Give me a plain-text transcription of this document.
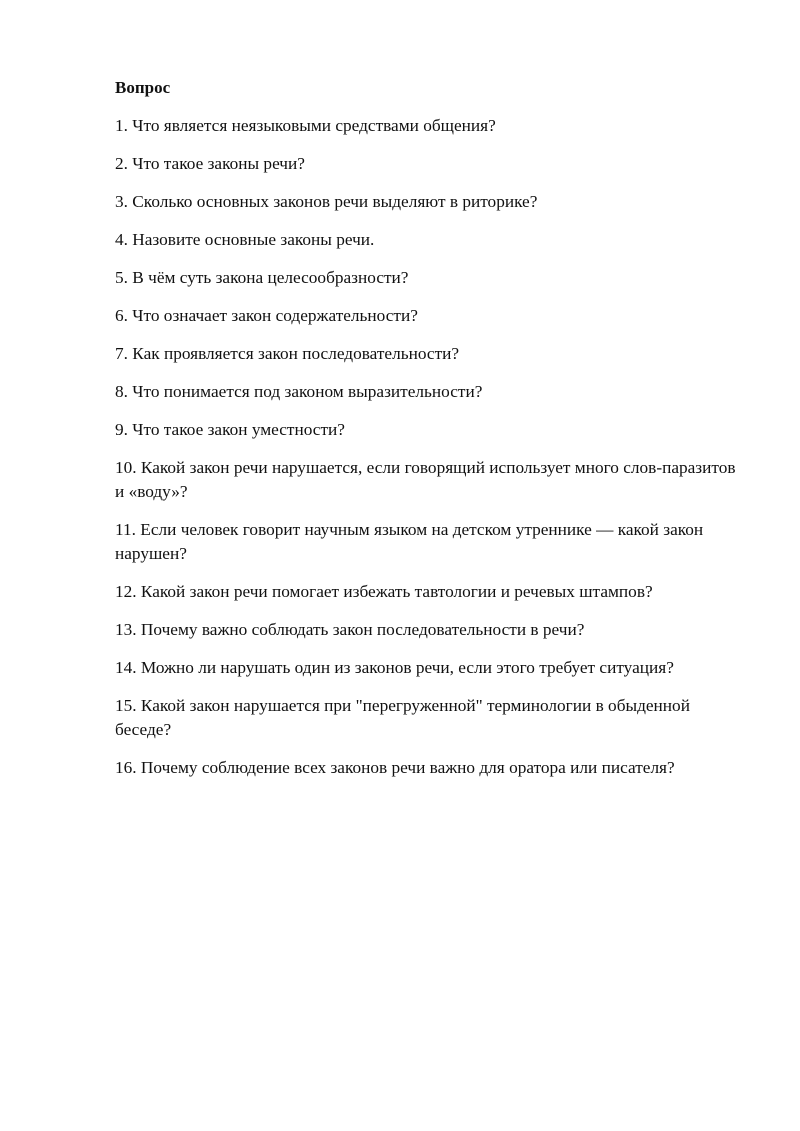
Вопрос
1. Что является неязыковыми средствами общения?
2. Что такое законы речи?
3. Сколько основных законов речи выделяют в риторике?
4. Назовите основные законы речи.
5. В чём суть закона целесообразности?
6. Что означает закон содержательности?
7. Как проявляется закон последовательности?
8. Что понимается под законом выразительности?
9. Что такое закон уместности?
10. Какой закон речи нарушается, если говорящий использует много слов-паразитов и «воду»?
11. Если человек говорит научным языком на детском утреннике — какой закон нарушен?
12. Какой закон речи помогает избежать тавтологии и речевых штампов?
13. Почему важно соблюдать закон последовательности в речи?
14. Можно ли нарушать один из законов речи, если этого требует ситуация?
15. Какой закон нарушается при "перегруженной" терминологии в обыденной беседе?
16. Почему соблюдение всех законов речи важно для оратора или писателя?
